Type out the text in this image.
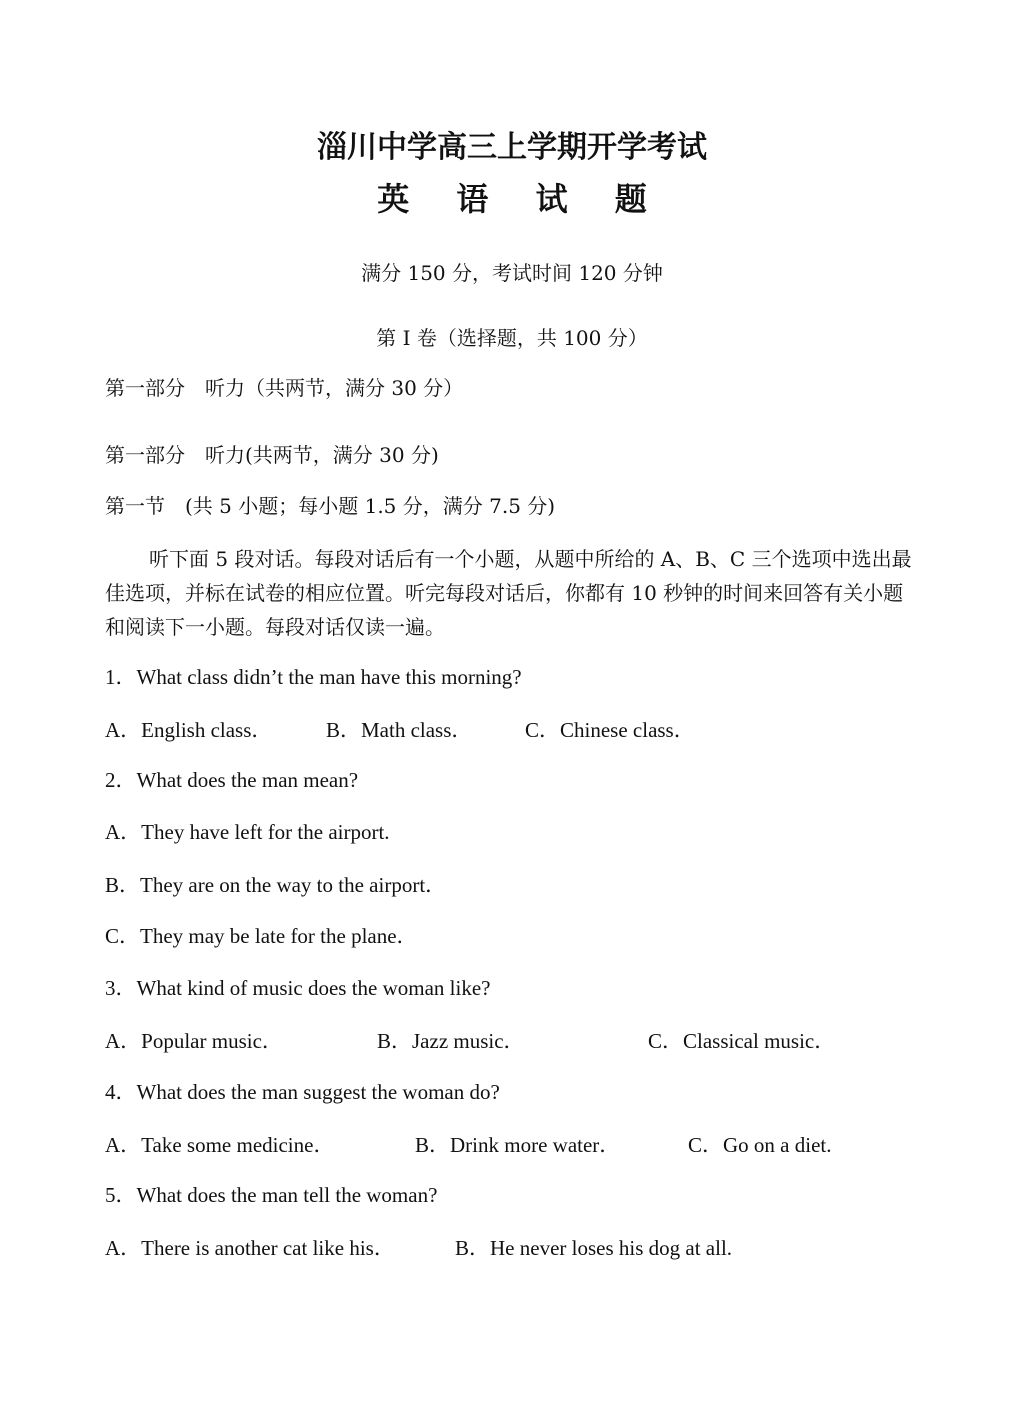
淄川中学高三上学期开学考试
英 语 试 题
满分 150 分，考试时间 120 分钟
第 I 卷（选择题，共 100 分）
第一部分　听力（共两节，满分 30 分）
第一部分　听力(共两节，满分 30 分)
第一节　(共 5 小题；每小题 1.5 分，满分 7.5 分)
听下面 5 段对话。每段对话后有一个小题，从题中所给的 A、B、C 三个选项中选出最佳选项，并标在试卷的相应位置。听完每段对话后，你都有 10 秒钟的时间来回答有关小题和阅读下一小题。每段对话仅读一遍。
1．What class didn’t the man have this morning?
A．English class．	B．Math class．	C．Chinese class．
2．What does the man mean?
A．They have left for the airport.
B．They are on the way to the airport．
C．They may be late for the plane．
3．What kind of music does the woman like?
A．Popular music．	B．Jazz music．	C．Classical music．
4．What does the man suggest the woman do?
A．Take some medicine．	B．Drink more water．	C．Go on a diet.
5．What does the man tell the woman?
A．There is another cat like his．	B．He never loses his dog at all.
